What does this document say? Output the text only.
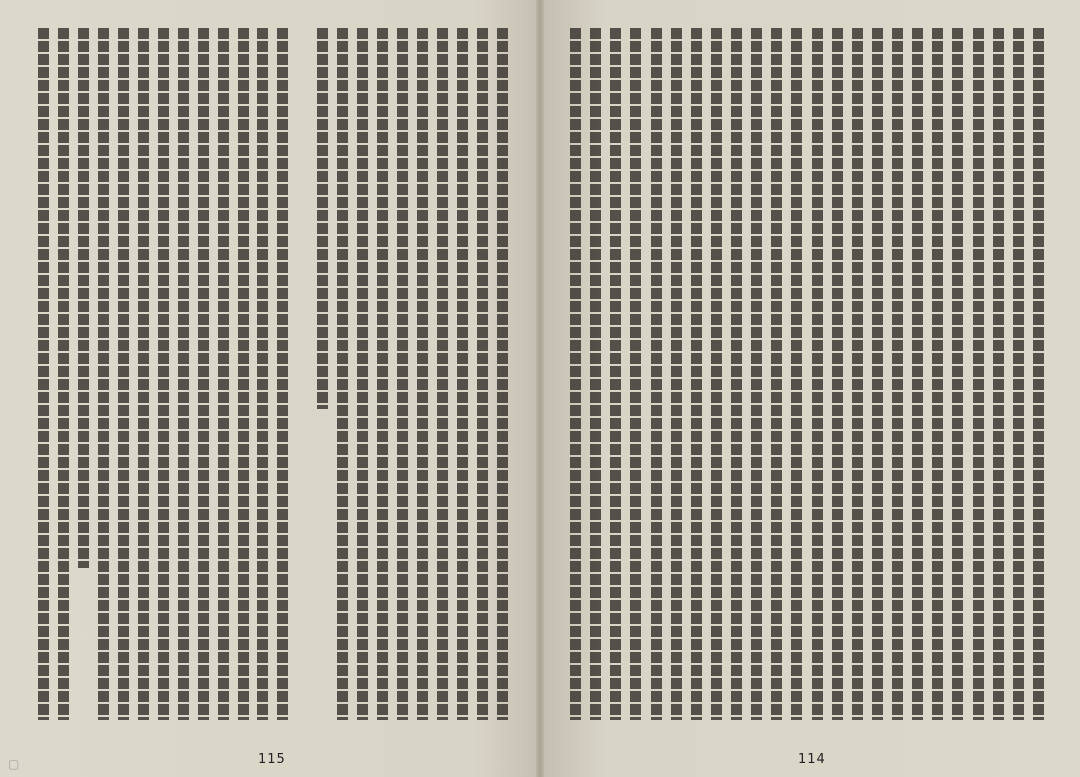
▢	115	114
